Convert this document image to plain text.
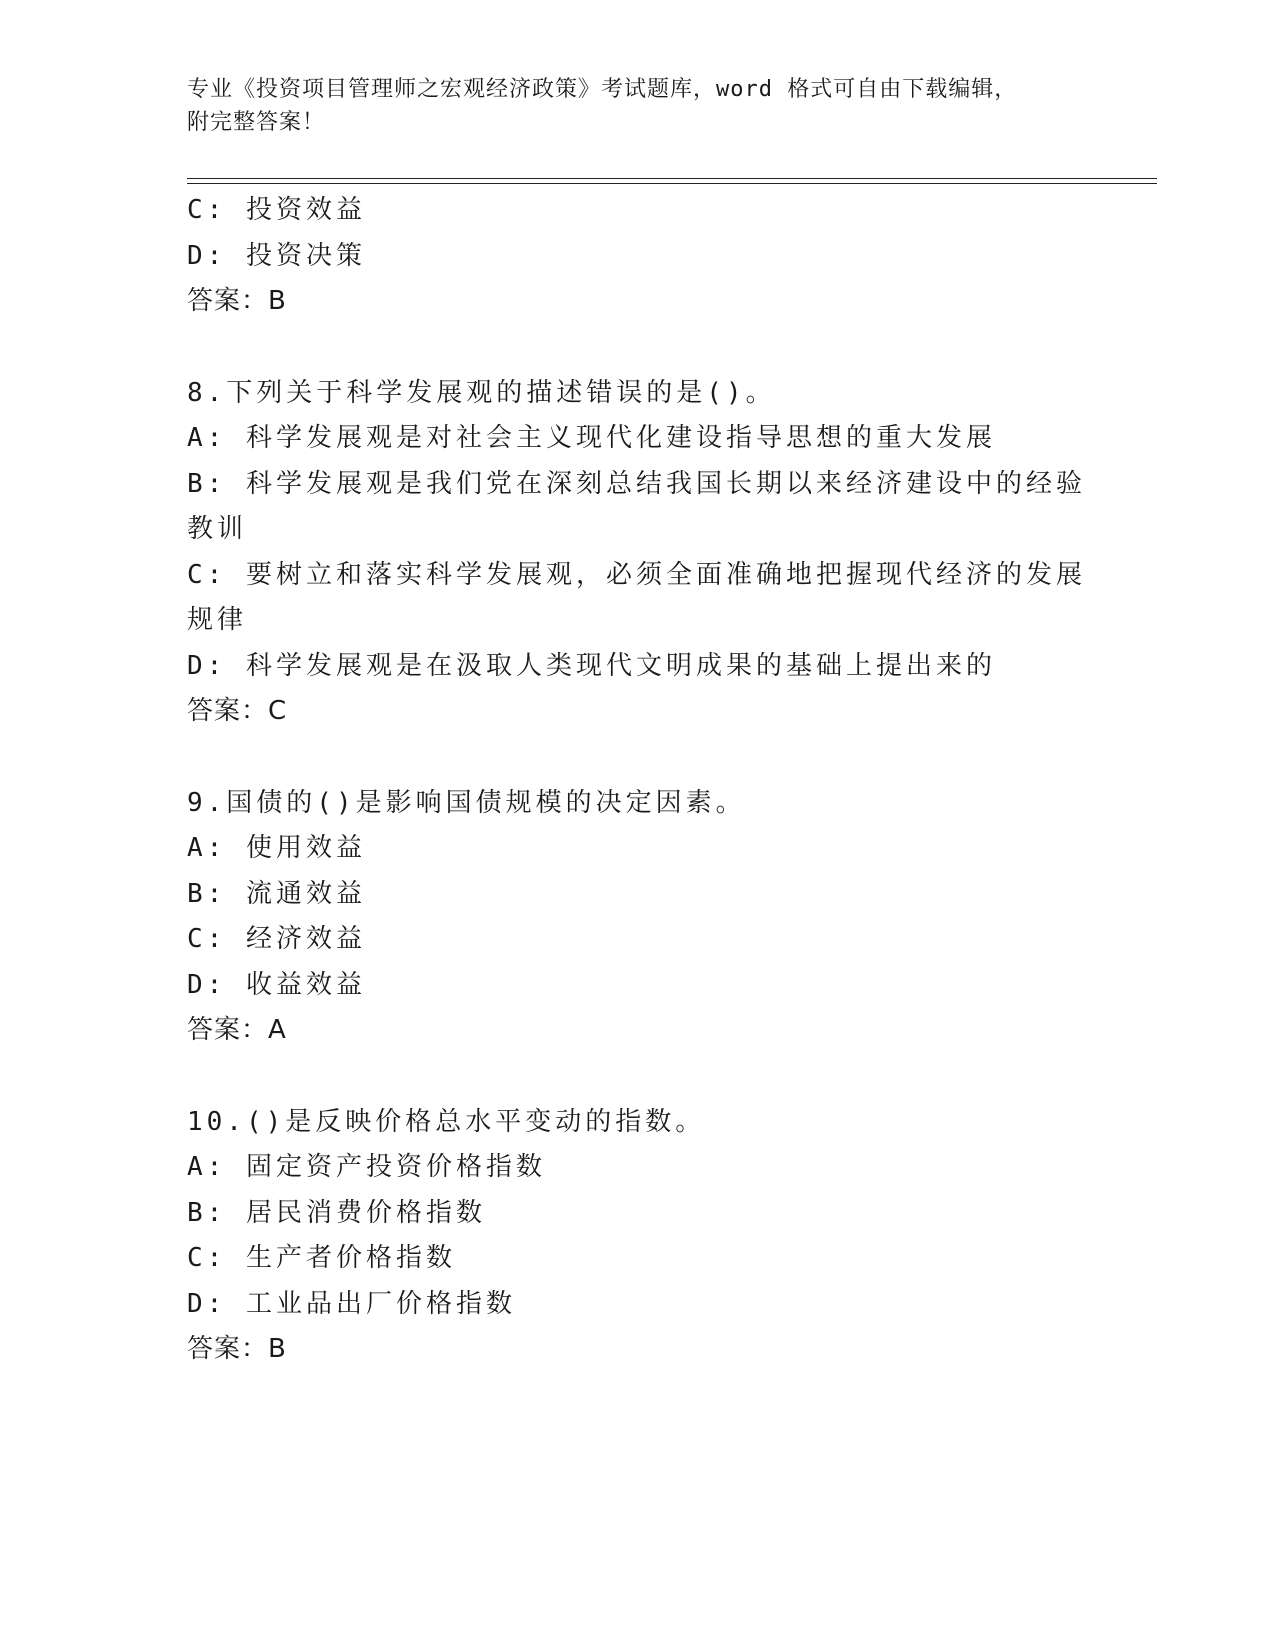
专业《投资项目管理师之宏观经济政策》考试题库，word 格式可自由下载编辑，
附完整答案！
C: 投资效益
D: 投资决策
答案：B
8.下列关于科学发展观的描述错误的是()。
A: 科学发展观是对社会主义现代化建设指导思想的重大发展
B: 科学发展观是我们党在深刻总结我国长期以来经济建设中的经验教训
C: 要树立和落实科学发展观，必须全面准确地把握现代经济的发展规律
D: 科学发展观是在汲取人类现代文明成果的基础上提出来的
答案：C
9.国债的()是影响国债规模的决定因素。
A: 使用效益
B: 流通效益
C: 经济效益
D: 收益效益
答案：A
10.()是反映价格总水平变动的指数。
A: 固定资产投资价格指数
B: 居民消费价格指数
C: 生产者价格指数
D: 工业品出厂价格指数
答案：B
